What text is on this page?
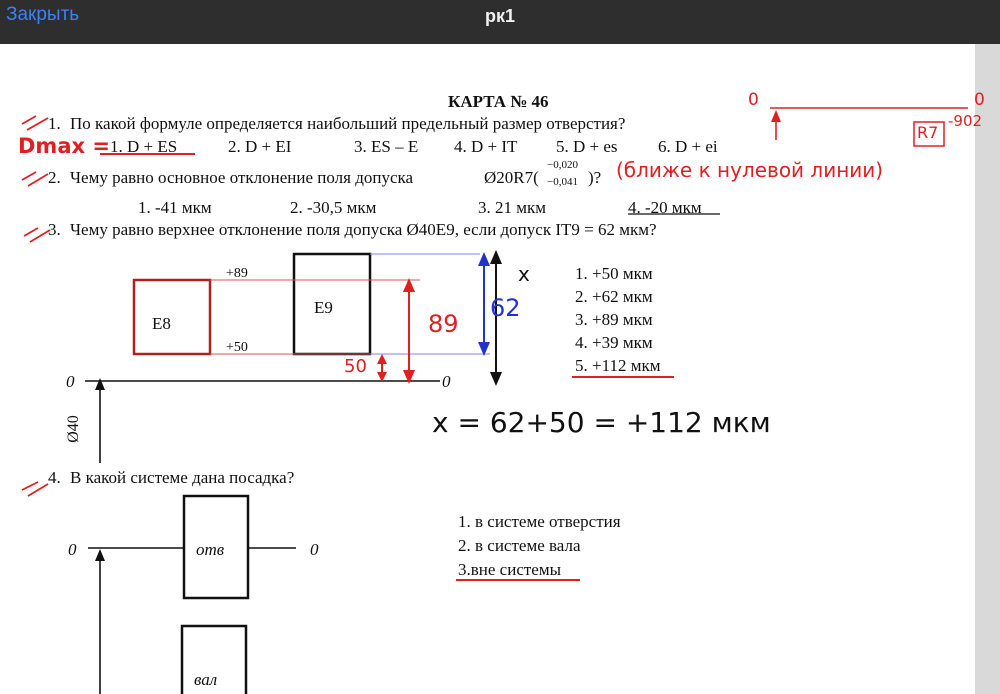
Закрыть	рк1
КАРТА № 46
1. По какой формуле определяется наибольший предельный размер отверстия?
1. D + ES	2. D + EI	3. ES – E 4. D + IT 5. D + es 6. D + ei
2. Чему равно основное отклонение поля допуска	Ø20R7(
−0,020
−0,041 )?
1. -41 мкм	2. -30,5 мкм	3. 21 мкм	4. -20 мкм
3. Чему равно верхнее отклонение поля допуска Ø40Е9, если допуск IT9 = 62 мкм?
E8
E9
+89
+50
0	0
Ø40
1. +50 мкм
2. +62 мкм
3. +89 мкм
4. +39 мкм
5. +112 мкм
4. В какой системе дана посадка?
отв
вал
0	0
1. в системе отверстия
2. в системе вала
3.вне системы
Dmax =
(ближе к нулевой линии)
0	0
R7
-902
89
50
62
x
x = 62+50 = +112 мкм
